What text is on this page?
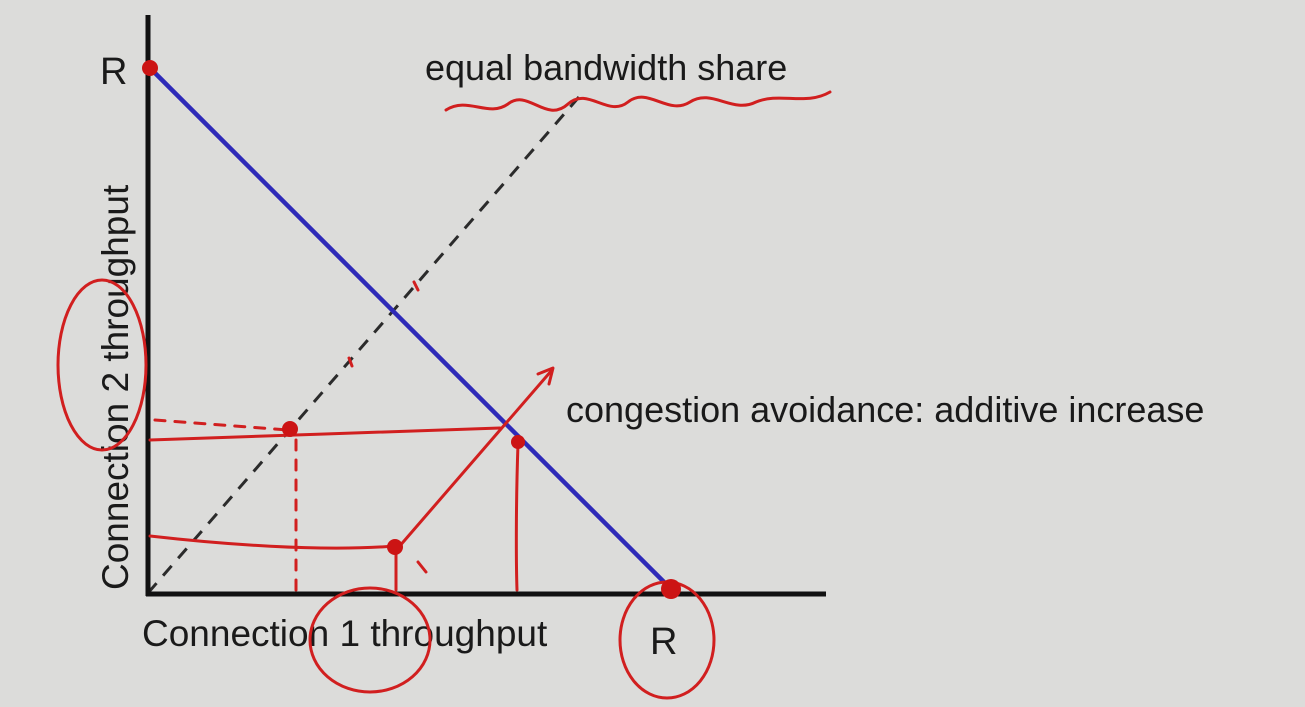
R
R
Connection 1 throughput
Connection 2 throughput
equal bandwidth share
congestion avoidance: additive increase
